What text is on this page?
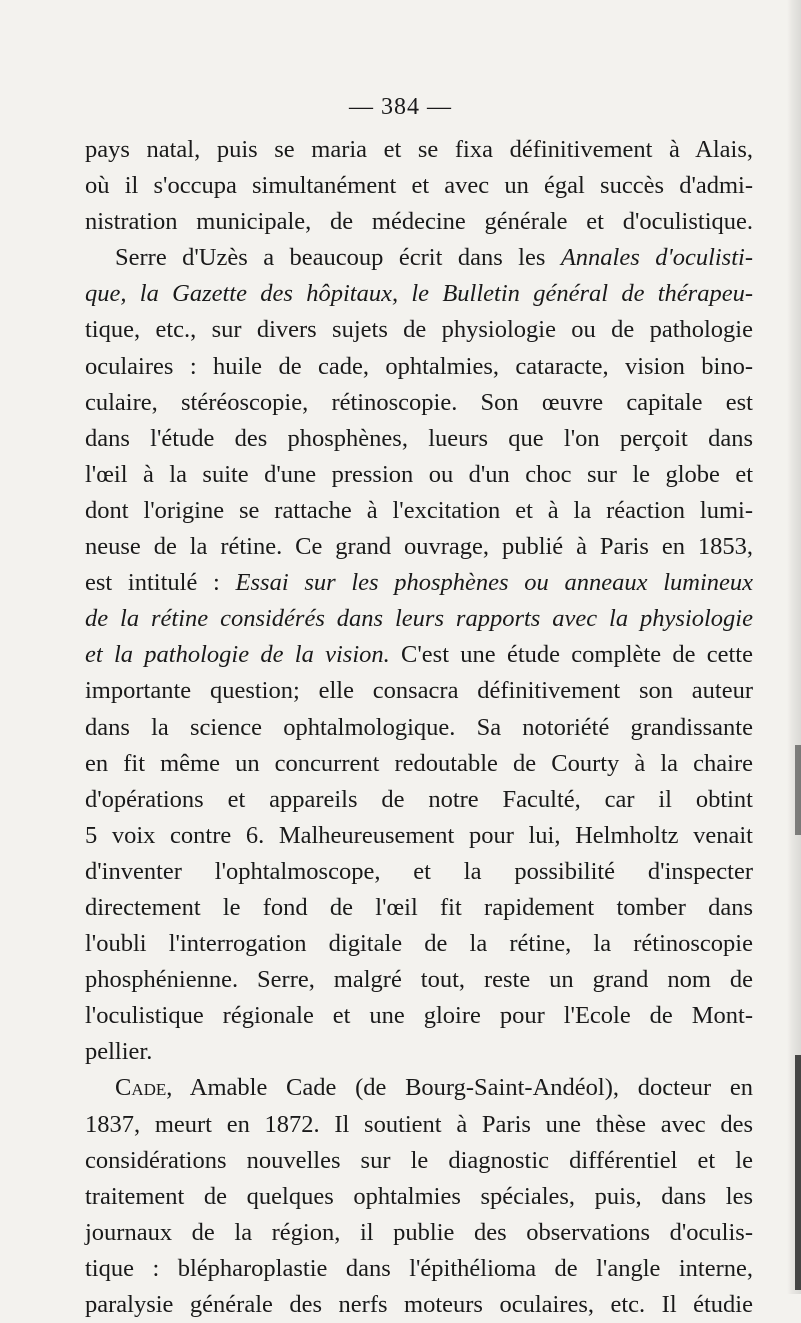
— 384 —
pays natal, puis se maria et se fixa définitivement à Alais,
où il s'occupa simultanément et avec un égal succès d'admi-
nistration municipale, de médecine générale et d'oculistique.
Serre d'Uzès a beaucoup écrit dans les Annales d'oculisti-
que, la Gazette des hôpitaux, le Bulletin général de thérapeu-
tique, etc., sur divers sujets de physiologie ou de pathologie
oculaires : huile de cade, ophtalmies, cataracte, vision bino-
culaire, stéréoscopie, rétinoscopie. Son œuvre capitale est
dans l'étude des phosphènes, lueurs que l'on perçoit dans
l'œil à la suite d'une pression ou d'un choc sur le globe et
dont l'origine se rattache à l'excitation et à la réaction lumi-
neuse de la rétine. Ce grand ouvrage, publié à Paris en 1853,
est intitulé : Essai sur les phosphènes ou anneaux lumineux
de la rétine considérés dans leurs rapports avec la physiologie
et la pathologie de la vision. C'est une étude complète de cette
importante question; elle consacra définitivement son auteur
dans la science ophtalmologique. Sa notoriété grandissante
en fit même un concurrent redoutable de Courty à la chaire
d'opérations et appareils de notre Faculté, car il obtint
5 voix contre 6. Malheureusement pour lui, Helmholtz venait
d'inventer l'ophtalmoscope, et la possibilité d'inspecter
directement le fond de l'œil fit rapidement tomber dans
l'oubli l'interrogation digitale de la rétine, la rétinoscopie
phosphénienne. Serre, malgré tout, reste un grand nom de
l'oculistique régionale et une gloire pour l'Ecole de Mont-
pellier.
Cade, Amable Cade (de Bourg-Saint-Andéol), docteur en
1837, meurt en 1872. Il soutient à Paris une thèse avec des
considérations nouvelles sur le diagnostic différentiel et le
traitement de quelques ophtalmies spéciales, puis, dans les
journaux de la région, il publie des observations d'oculis-
tique : blépharoplastie dans l'épithélioma de l'angle interne,
paralysie générale des nerfs moteurs oculaires, etc. Il étudie
